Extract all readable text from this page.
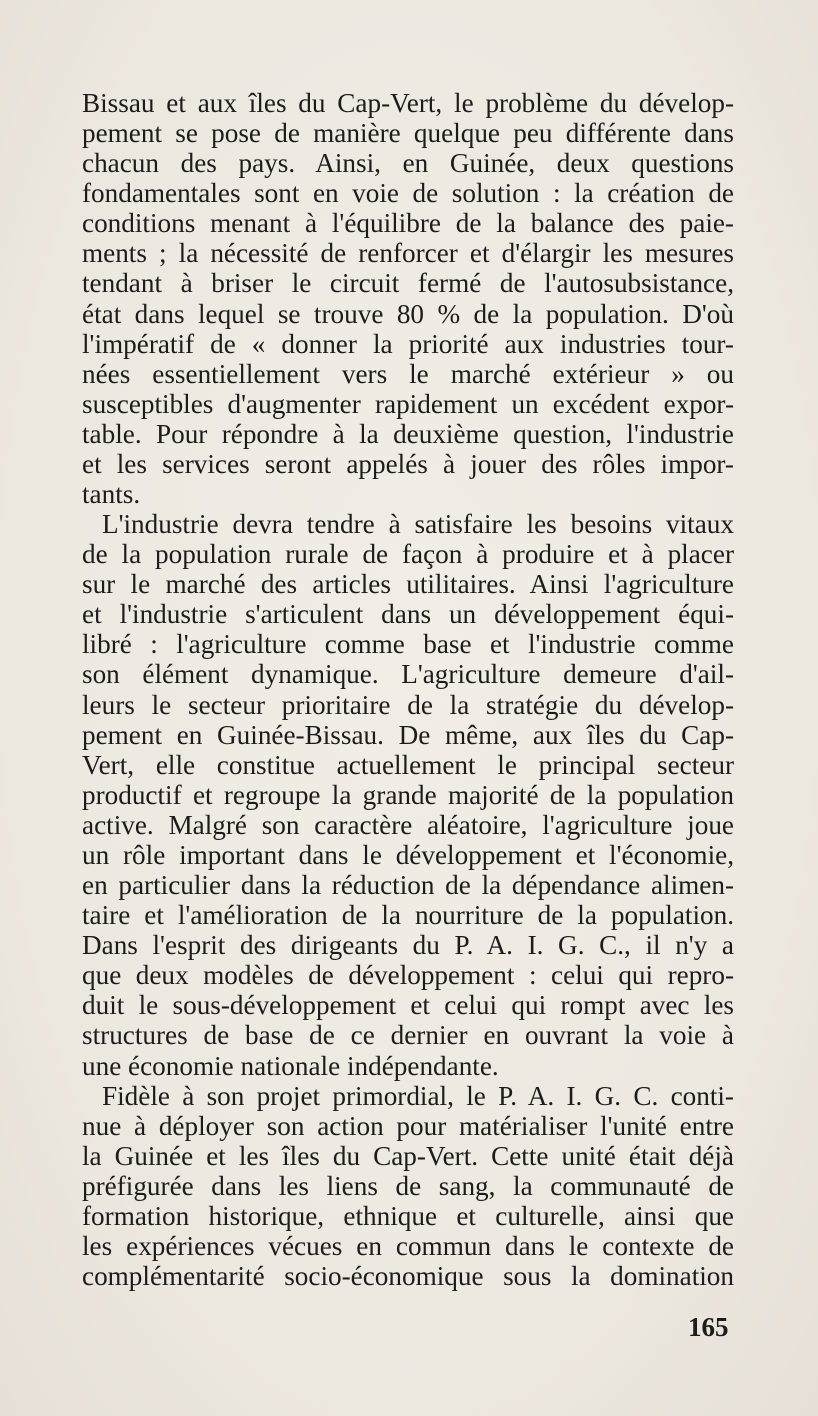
Bissau et aux îles du Cap-Vert, le problème du dévelop-
pement se pose de manière quelque peu différente dans
chacun des pays. Ainsi, en Guinée, deux questions
fondamentales sont en voie de solution : la création de
conditions menant à l'équilibre de la balance des paie-
ments ; la nécessité de renforcer et d'élargir les mesures
tendant à briser le circuit fermé de l'autosubsistance,
état dans lequel se trouve 80 % de la population. D'où
l'impératif de « donner la priorité aux industries tour-
nées essentiellement vers le marché extérieur » ou
susceptibles d'augmenter rapidement un excédent expor-
table. Pour répondre à la deuxième question, l'industrie
et les services seront appelés à jouer des rôles impor-
tants.

L'industrie devra tendre à satisfaire les besoins vitaux
de la population rurale de façon à produire et à placer
sur le marché des articles utilitaires. Ainsi l'agriculture
et l'industrie s'articulent dans un développement équi-
libré : l'agriculture comme base et l'industrie comme
son élément dynamique. L'agriculture demeure d'ail-
leurs le secteur prioritaire de la stratégie du dévelop-
pement en Guinée-Bissau. De même, aux îles du Cap-
Vert, elle constitue actuellement le principal secteur
productif et regroupe la grande majorité de la population
active. Malgré son caractère aléatoire, l'agriculture joue
un rôle important dans le développement et l'économie,
en particulier dans la réduction de la dépendance alimen-
taire et l'amélioration de la nourriture de la population.
Dans l'esprit des dirigeants du P. A. I. G. C., il n'y a
que deux modèles de développement : celui qui repro-
duit le sous-développement et celui qui rompt avec les
structures de base de ce dernier en ouvrant la voie à
une économie nationale indépendante.

Fidèle à son projet primordial, le P. A. I. G. C. conti-
nue à déployer son action pour matérialiser l'unité entre
la Guinée et les îles du Cap-Vert. Cette unité était déjà
préfigurée dans les liens de sang, la communauté de
formation historique, ethnique et culturelle, ainsi que
les expériences vécues en commun dans le contexte de
complémentarité socio-économique sous la domination

165
